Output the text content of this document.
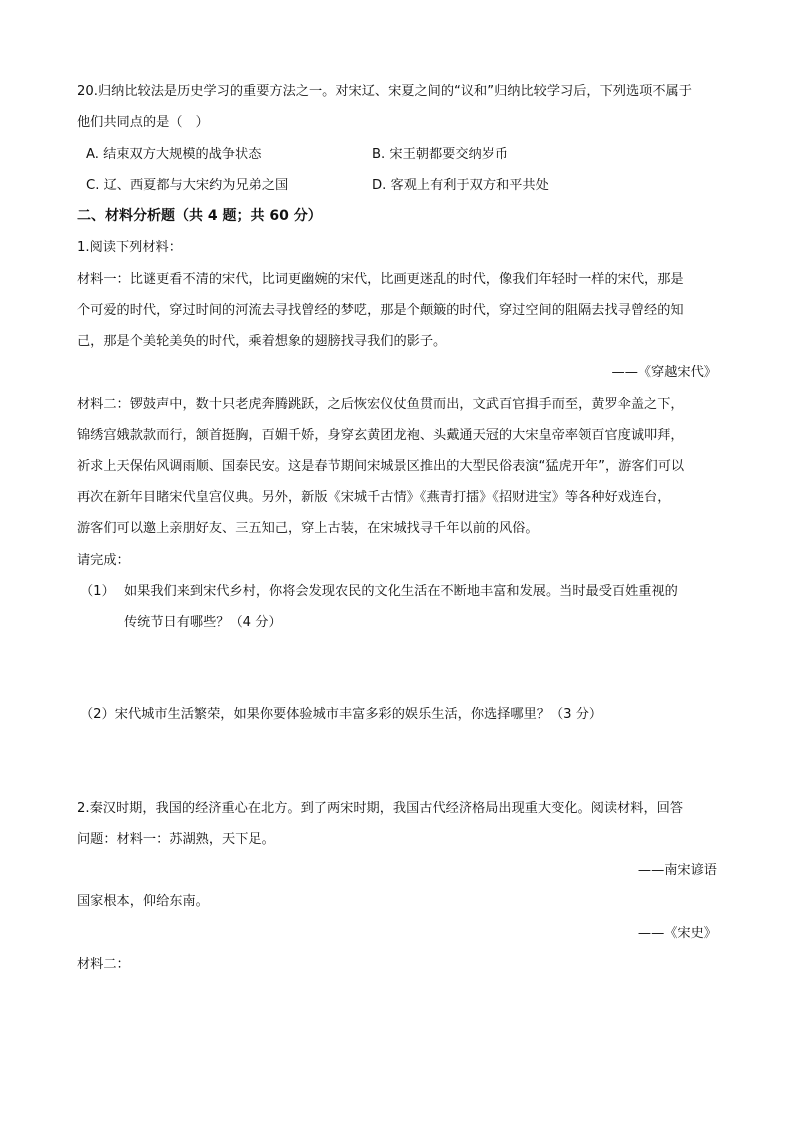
20.归纳比较法是历史学习的重要方法之一。对宋辽、宋夏之间的“议和”归纳比较学习后，下列选项不属于
他们共同点的是（　）
A. 结束双方大规模的战争状态	B. 宋王朝都要交纳岁币
C. 辽、西夏都与大宋约为兄弟之国	D. 客观上有利于双方和平共处
二、材料分析题（共 4 题；共 60 分）
1.阅读下列材料：
材料一：比谜更看不清的宋代，比词更幽婉的宋代，比画更迷乱的时代，像我们年轻时一样的宋代，那是
个可爱的时代，穿过时间的河流去寻找曾经的梦呓，那是个颠簸的时代，穿过空间的阻隔去找寻曾经的知
己，那是个美轮美奂的时代，乘着想象的翅膀找寻我们的影子。
——《穿越宋代》
材料二：锣鼓声中，数十只老虎奔腾跳跃，之后恢宏仪仗鱼贯而出，文武百官揖手而至，黄罗伞盖之下，
锦绣宫娥款款而行，颔首挺胸，百媚千娇，身穿玄黄团龙袍、头戴通天冠的大宋皇帝率领百官度诚叩拜，
祈求上天保佑风调雨顺、国泰民安。这是春节期间宋城景区推出的大型民俗表演“猛虎开年”，游客们可以
再次在新年目睹宋代皇宫仪典。另外，新版《宋城千古情》《燕青打擂》《招财进宝》等各种好戏连台，
游客们可以邀上亲朋好友、三五知己，穿上古装，在宋城找寻千年以前的风俗。
请完成：
（1） 如果我们来到宋代乡村，你将会发现农民的文化生活在不断地丰富和发展。当时最受百姓重视的
传统节日有哪些？（4 分）
（2）宋代城市生活繁荣，如果你要体验城市丰富多彩的娱乐生活，你选择哪里？（3 分）
2.秦汉时期，我国的经济重心在北方。到了两宋时期，我国古代经济格局出现重大变化。阅读材料，回答
问题：材料一：苏湖熟，天下足。
——南宋谚语
国家根本，仰给东南。
——《宋史》
材料二：
